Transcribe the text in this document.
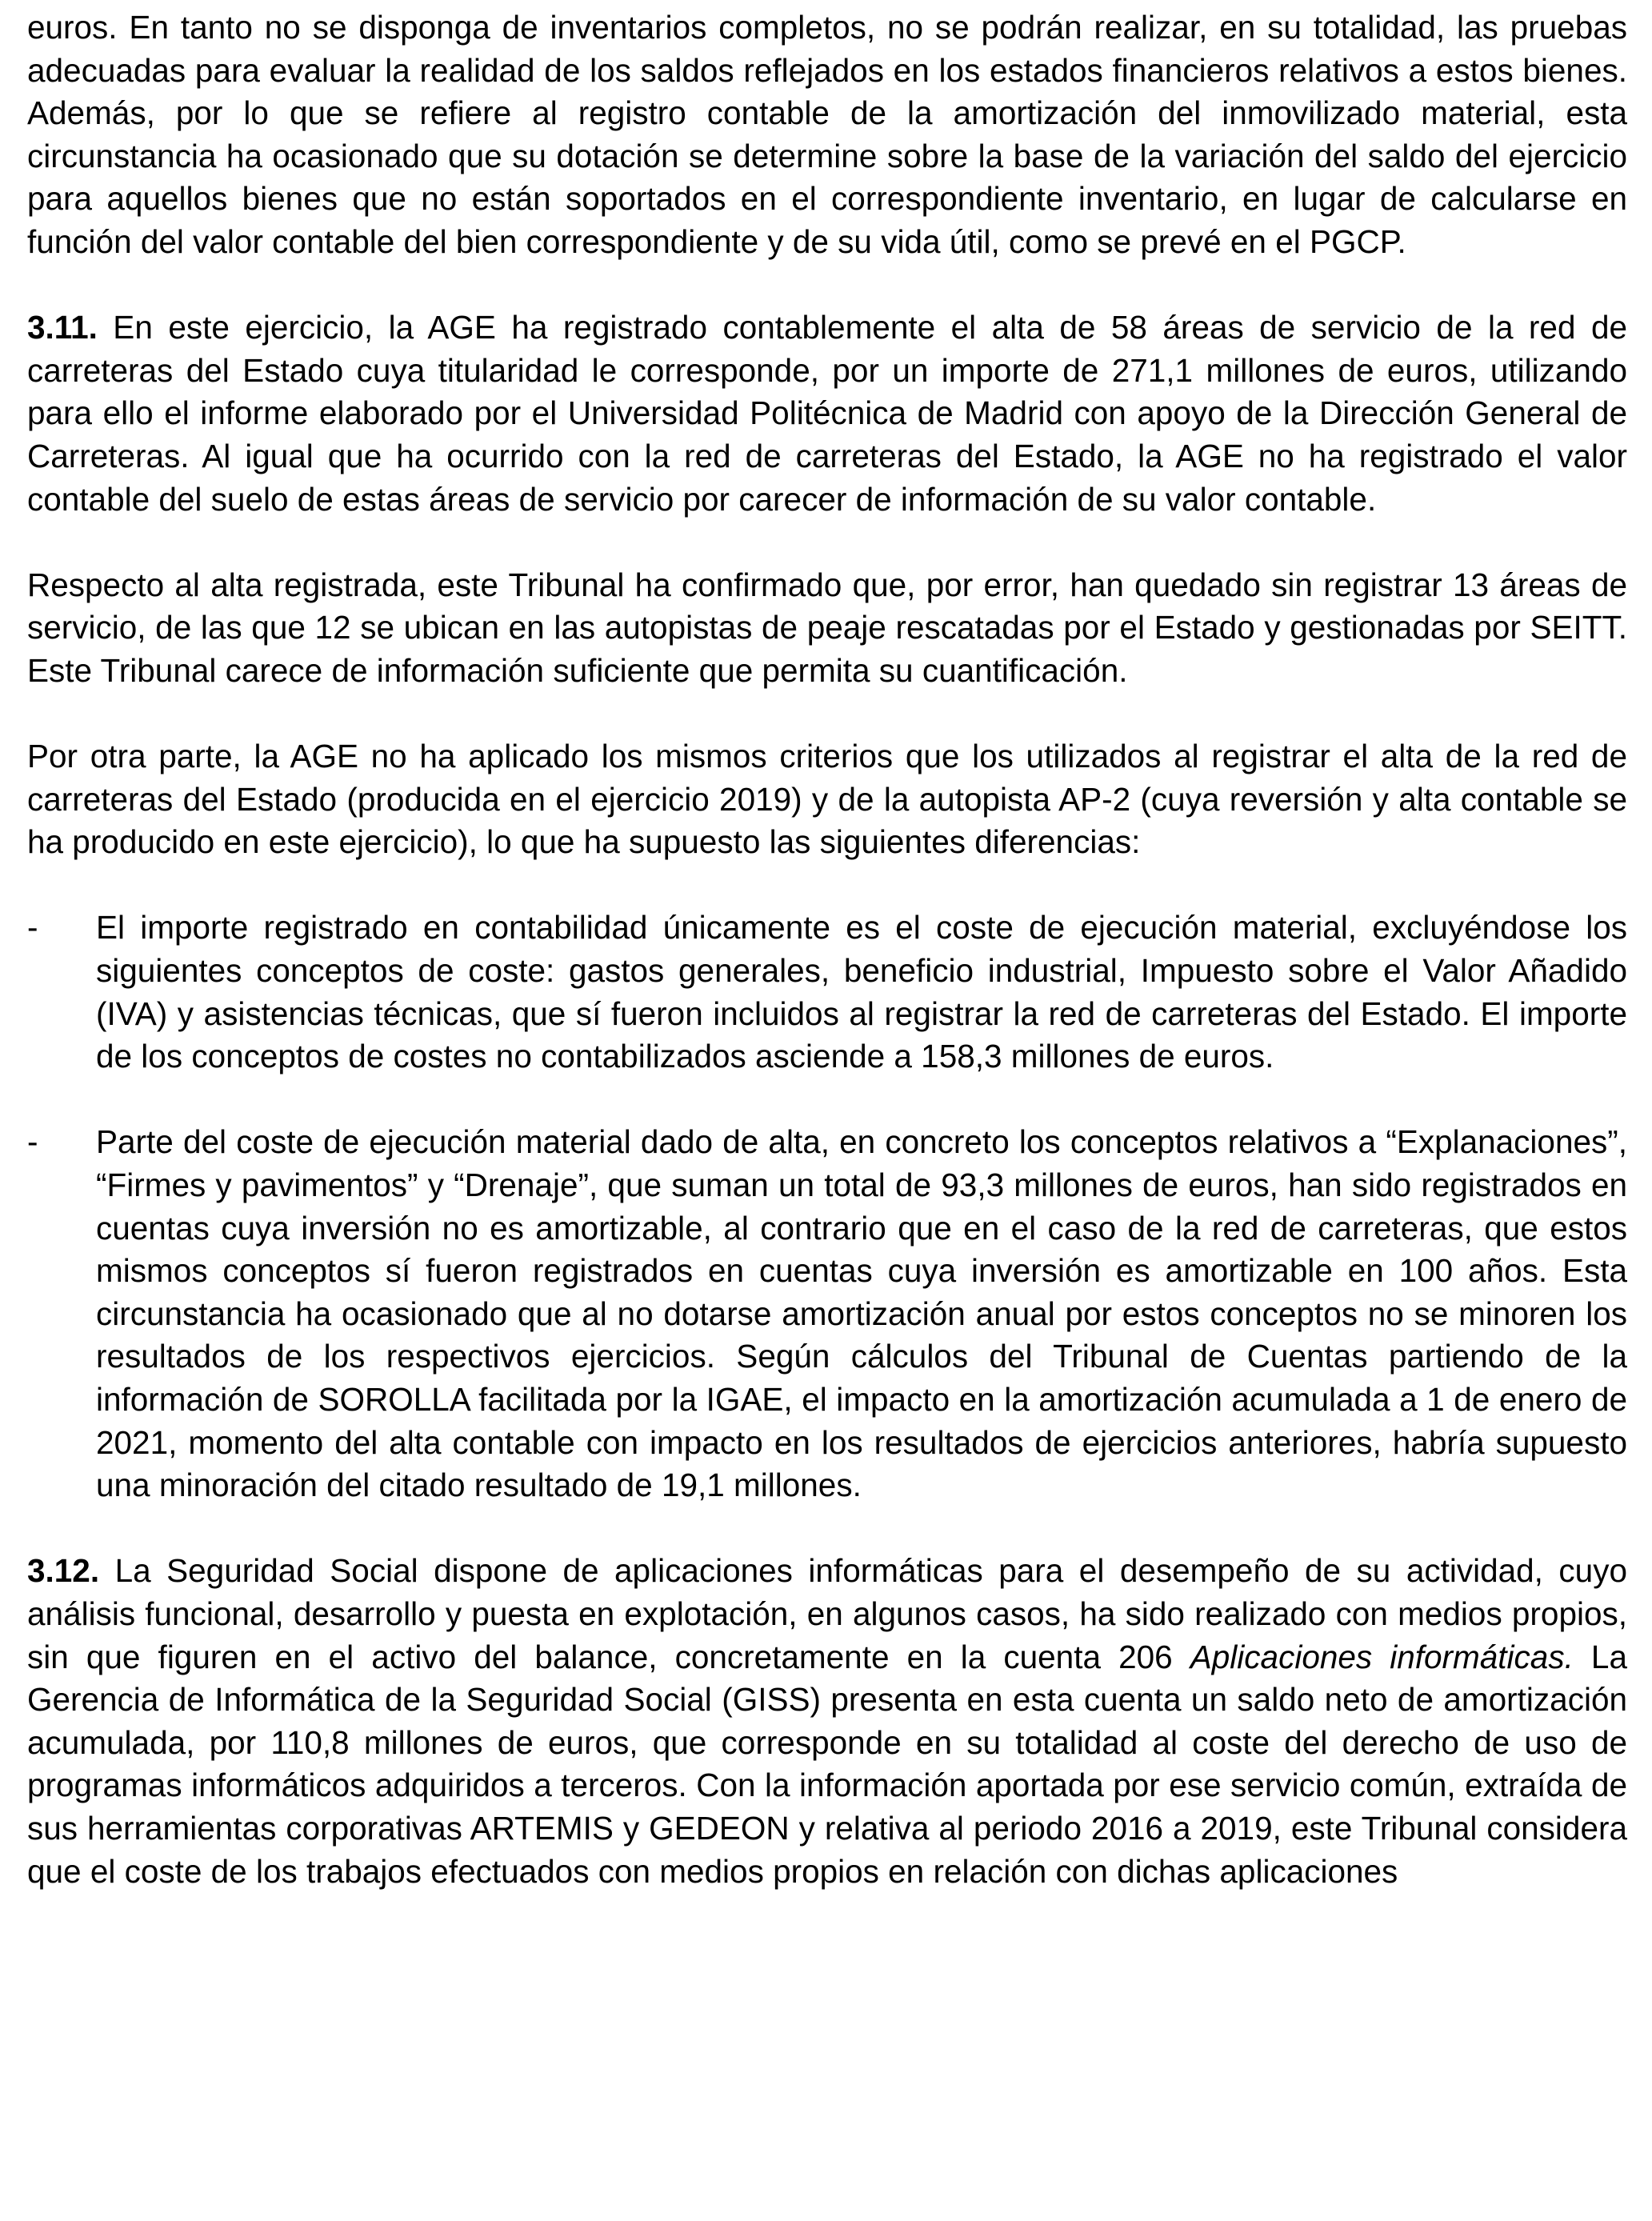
euros. En tanto no se disponga de inventarios completos, no se podrán realizar, en su totalidad, las pruebas adecuadas para evaluar la realidad de los saldos reflejados en los estados financieros relativos a estos bienes. Además, por lo que se refiere al registro contable de la amortización del inmovilizado material, esta circunstancia ha ocasionado que su dotación se determine sobre la base de la variación del saldo del ejercicio para aquellos bienes que no están soportados en el correspondiente inventario, en lugar de calcularse en función del valor contable del bien correspondiente y de su vida útil, como se prevé en el PGCP.

3.11. En este ejercicio, la AGE ha registrado contablemente el alta de 58 áreas de servicio de la red de carreteras del Estado cuya titularidad le corresponde, por un importe de 271,1 millones de euros, utilizando para ello el informe elaborado por el Universidad Politécnica de Madrid con apoyo de la Dirección General de Carreteras. Al igual que ha ocurrido con la red de carreteras del Estado, la AGE no ha registrado el valor contable del suelo de estas áreas de servicio por carecer de información de su valor contable.

Respecto al alta registrada, este Tribunal ha confirmado que, por error, han quedado sin registrar 13 áreas de servicio, de las que 12 se ubican en las autopistas de peaje rescatadas por el Estado y gestionadas por SEITT. Este Tribunal carece de información suficiente que permita su cuantificación.

Por otra parte, la AGE no ha aplicado los mismos criterios que los utilizados al registrar el alta de la red de carreteras del Estado (producida en el ejercicio 2019) y de la autopista AP-2 (cuya reversión y alta contable se ha producido en este ejercicio), lo que ha supuesto las siguientes diferencias:

- El importe registrado en contabilidad únicamente es el coste de ejecución material, excluyéndose los siguientes conceptos de coste: gastos generales, beneficio industrial, Impuesto sobre el Valor Añadido (IVA) y asistencias técnicas, que sí fueron incluidos al registrar la red de carreteras del Estado. El importe de los conceptos de costes no contabilizados asciende a 158,3 millones de euros.
- Parte del coste de ejecución material dado de alta, en concreto los conceptos relativos a “Explanaciones”, “Firmes y pavimentos” y “Drenaje”, que suman un total de 93,3 millones de euros, han sido registrados en cuentas cuya inversión no es amortizable, al contrario que en el caso de la red de carreteras, que estos mismos conceptos sí fueron registrados en cuentas cuya inversión es amortizable en 100 años. Esta circunstancia ha ocasionado que al no dotarse amortización anual por estos conceptos no se minoren los resultados de los respectivos ejercicios. Según cálculos del Tribunal de Cuentas partiendo de la información de SOROLLA facilitada por la IGAE, el impacto en la amortización acumulada a 1 de enero de 2021, momento del alta contable con impacto en los resultados de ejercicios anteriores, habría supuesto una minoración del citado resultado de 19,1 millones.

3.12. La Seguridad Social dispone de aplicaciones informáticas para el desempeño de su actividad, cuyo análisis funcional, desarrollo y puesta en explotación, en algunos casos, ha sido realizado con medios propios, sin que figuren en el activo del balance, concretamente en la cuenta 206 Aplicaciones informáticas. La Gerencia de Informática de la Seguridad Social (GISS) presenta en esta cuenta un saldo neto de amortización acumulada, por 110,8 millones de euros, que corresponde en su totalidad al coste del derecho de uso de programas informáticos adquiridos a terceros. Con la información aportada por ese servicio común, extraída de sus herramientas corporativas ARTEMIS y GEDEON y relativa al periodo 2016 a 2019, este Tribunal considera que el coste de los trabajos efectuados con medios propios en relación con dichas aplicaciones
